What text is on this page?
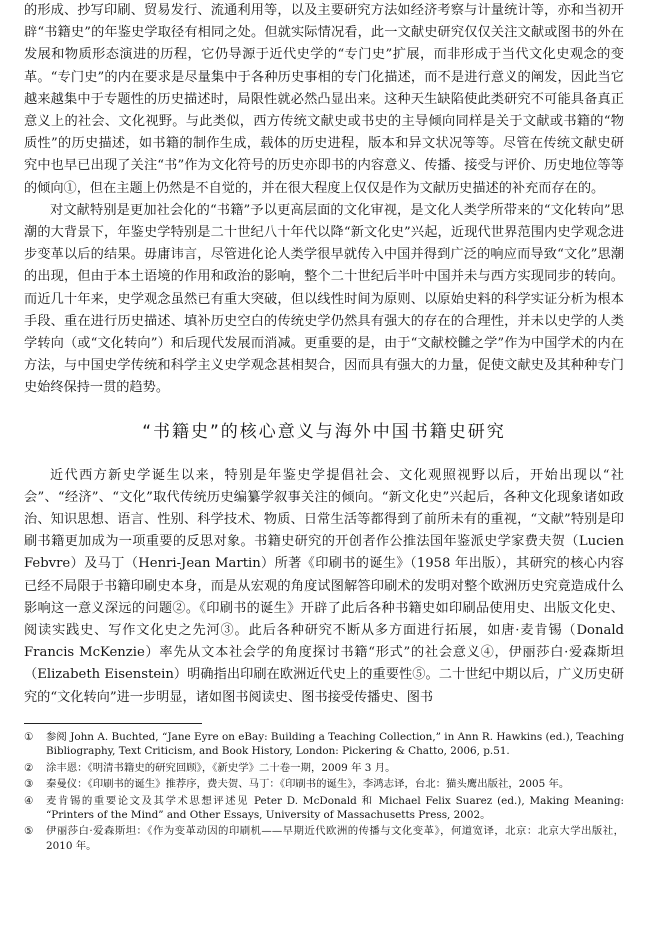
的形成、抄写印刷、贸易发行、流通利用等，以及主要研究方法如经济考察与计量统计等，亦和当初开辟“书籍史”的年鉴史学取径有相同之处。但就实际情况看，此一文献史研究仅仅关注文献或图书的外在发展和物质形态演进的历程，它仍导源于近代史学的“专门史”扩展，而非形成于当代文化史观念的变革。“专门史”的内在要求是尽量集中于各种历史事相的专门化描述，而不是进行意义的阐发，因此当它越来越集中于专题性的历史描述时，局限性就必然凸显出来。这种天生缺陷使此类研究不可能具备真正意义上的社会、文化视野。与此类似，西方传统文献史或书史的主导倾向同样是关于文献或书籍的“物质性”的历史描述，如书籍的制作生成，载体的历史进程，版本和异文状况等等。尽管在传统文献史研究中也早已出现了关注“书”作为文化符号的历史亦即书的内容意义、传播、接受与评价、历史地位等等的倾向①，但在主题上仍然是不自觉的，并在很大程度上仅仅是作为文献历史描述的补充而存在的。

对文献特别是更加社会化的“书籍”予以更高层面的文化审视，是文化人类学所带来的“文化转向”思潮的大背景下，年鉴史学特别是二十世纪八十年代以降“新文化史”兴起，近现代世界范围内史学观念进步变革以后的结果。毋庸讳言，尽管进化论人类学很早就传入中国并得到广泛的响应而导致“文化”思潮的出现，但由于本土语境的作用和政治的影响，整个二十世纪后半叶中国并未与西方实现同步的转向。而近几十年来，史学观念虽然已有重大突破，但以线性时间为原则、以原始史料的科学实证分析为根本手段、重在进行历史描述、填补历史空白的传统史学仍然具有强大的存在的合理性，并未以史学的人类学转向（或“文化转向”）和后现代发展而消减。更重要的是，由于“文献校雠之学”作为中国学术的内在方法，与中国史学传统和科学主义史学观念甚相契合，因而具有强大的力量，促使文献史及其种种专门史始终保持一贯的趋势。

“书籍史”的核心意义与海外中国书籍史研究

近代西方新史学诞生以来，特别是年鉴史学提倡社会、文化观照视野以后，开始出现以“社会”、“经济”、“文化”取代传统历史编纂学叙事关注的倾向。“新文化史”兴起后，各种文化现象诸如政治、知识思想、语言、性别、科学技术、物质、日常生活等都得到了前所未有的重视，“文献”特别是印刷书籍更加成为一项重要的反思对象。书籍史研究的开创者作公推法国年鉴派史学家费夫贺（Lucien Febvre）及马丁（Henri-Jean Martin）所著《印刷书的诞生》（1958 年出版），其研究的核心内容已经不局限于书籍印刷史本身，而是从宏观的角度试图解答印刷术的发明对整个欧洲历史究竟造成什么影响这一意义深远的问题②。《印刷书的诞生》开辟了此后各种书籍史如印刷品使用史、出版文化史、阅读实践史、写作文化史之先河③。此后各种研究不断从多方面进行拓展，如唐·麦肯锡（Donald Francis McKenzie）率先从文本社会学的角度探讨书籍“形式”的社会意义④，伊丽莎白·爱森斯坦（Elizabeth Eisenstein）明确指出印刷在欧洲近代史上的重要性⑤。二十世纪中期以后，广义历史研究的“文化转向”进一步明显，诸如图书阅读史、图书接受传播史、图书

①	参阅 John A. Buchted, “Jane Eyre on eBay: Building a Teaching Collection,” in Ann R. Hawkins (ed.), Teaching Bibliography, Text Criticism, and Book History, London: Pickering & Chatto, 2006, p.51.
②	涂丰恩：《明清书籍史的研究回顾》，《新史学》二十卷一期，2009 年 3 月。
③	秦曼仪：《印刷书的诞生》推荐序，费夫贺、马丁：《印刷书的诞生》，李鸿志译，台北：猫头鹰出版社，2005 年。
④	麦肯锡的重要论文及其学术思想评述见 Peter D. McDonald 和 Michael Felix Suarez (ed.), Making Meaning: “Printers of the Mind” and Other Essays, University of Massachusetts Press, 2002。
⑤	伊丽莎白·爱森斯坦：《作为变革动因的印刷机——早期近代欧洲的传播与文化变革》，何道宽译，北京：北京大学出版社，2010 年。
